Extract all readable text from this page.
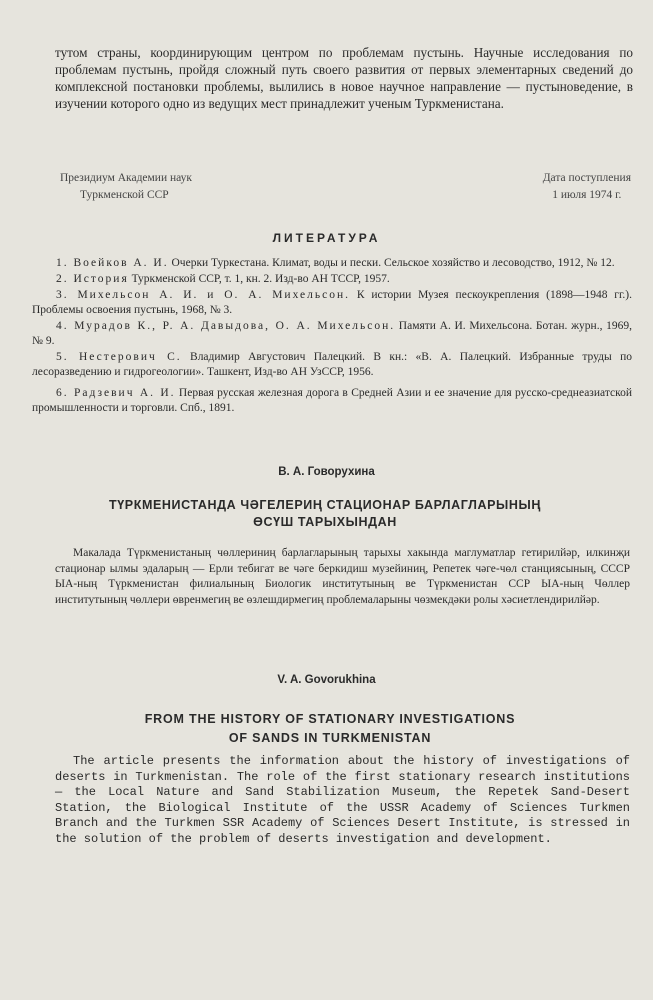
тутом страны, координирующим центром по проблемам пустынь. Научные исследования по проблемам пустынь, пройдя сложный путь своего развития от первых элементарных сведений до комплексной постановки проблемы, вылились в новое научное направление — пустыноведение, в изучении которого одно из ведущих мест принадлежит ученым Туркменистана.

Президиум Академии наук
Туркменской ССР
Дата поступления
1 июля 1974 г.
ЛИТЕРАТУРА

1. Воейков А. И. Очерки Туркестана. Климат, воды и пески. Сельское хозяйство и лесоводство, 1912, № 12.

2. История Туркменской ССР, т. 1, кн. 2. Изд-во АН ТССР, 1957.

3. Михельсон А. И. и О. А. Михельсон. К истории Музея пескоукрепления (1898—1948 гг.). Проблемы освоения пустынь, 1968, № 3.

4. Мурадов К., Р. А. Давыдова, О. А. Михельсон. Памяти А. И. Михельсона. Ботан. журн., 1969, № 9.

5. Нестерович С. Владимир Августович Палецкий. В кн.: «В. А. Палецкий. Избранные труды по лесоразведению и гидрогеологии». Ташкент, Изд-во АН УзССР, 1956.

6. Радзевич А. И. Первая русская железная дорога в Средней Азии и ее значение для русско-среднеазиатской промышленности и торговли. Спб., 1891.

В. А. Говорухина
ТҮРКМЕНИСТАНДА ЧӘГЕЛЕРИҢ СТАЦИОНАР БАРЛАГЛАРЫНЫҢ
ӨСҮШ ТАРЫХЫНДАН
Макалада Түркменистаның чөллериниң барлагларының тарыхы хакында маглуматлар гетирилйәр, илкинҗи стационар ылмы эдаларың — Ерли тебигат ве чәге беркидиш музейиниң, Репетек чәге-чөл станциясының, СССР ЫА-ның Түркменистан филиалының Биологик институтының ве Түркменистан ССР ЫА-ның Чөллер институтының чөллери өвренмегиң ве өзлешдирмегиң проблемаларыны чөзмекдәки ролы хәсиетлендирилйәр.
V. A. Govorukhina
FROM THE HISTORY OF STATIONARY INVESTIGATIONS
OF SANDS IN TURKMENISTAN
The article presents the information about the history of investigations of deserts in Turkmenistan. The role of the first stationary research institutions — the Local Nature and Sand Stabilization Museum, the Repetek Sand-Desert Station, the Biological Institute of the USSR Academy of Sciences Turkmen Branch and the Turkmen SSR Academy of Sciences Desert Institute, is stressed in the solution of the problem of deserts investigation and development.
